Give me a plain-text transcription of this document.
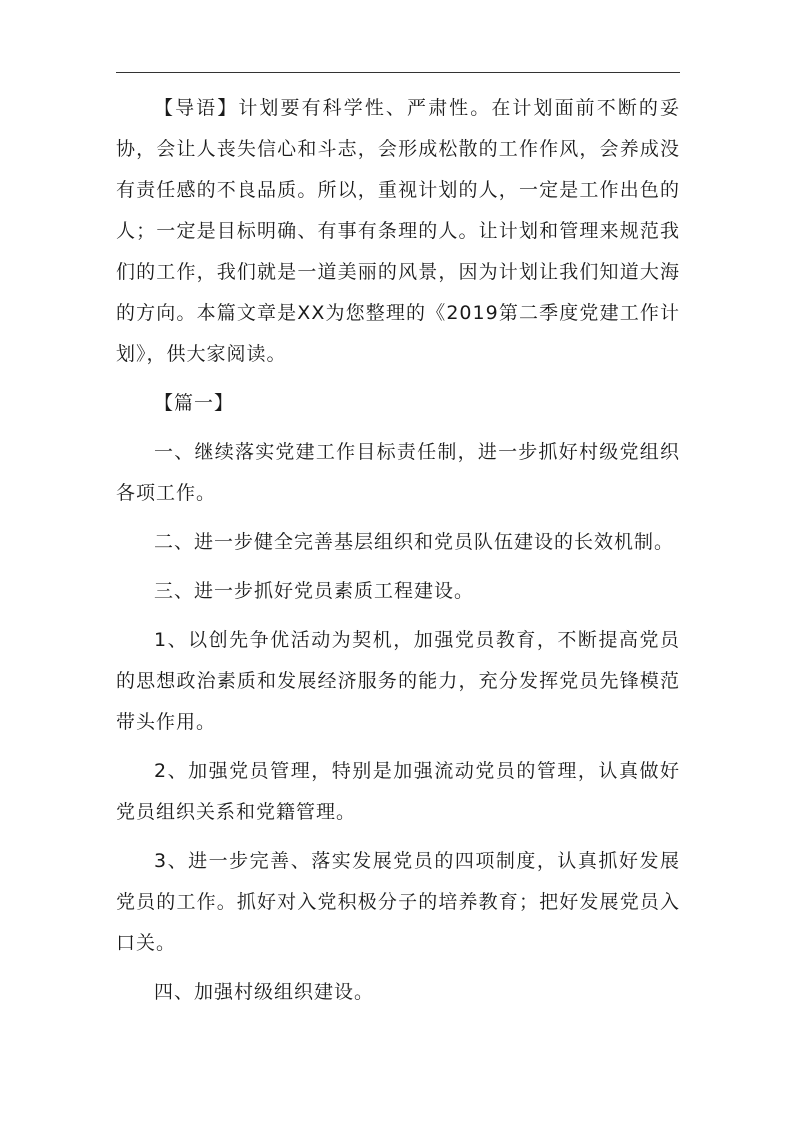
【导语】计划要有科学性、严肃性。在计划面前不断的妥协，会让人丧失信心和斗志，会形成松散的工作作风，会养成没有责任感的不良品质。所以，重视计划的人，一定是工作出色的人；一定是目标明确、有事有条理的人。让计划和管理来规范我们的工作，我们就是一道美丽的风景，因为计划让我们知道大海的方向。本篇文章是XX为您整理的《2019第二季度党建工作计划》，供大家阅读。

【篇一】

一、继续落实党建工作目标责任制，进一步抓好村级党组织各项工作。

二、进一步健全完善基层组织和党员队伍建设的长效机制。

三、进一步抓好党员素质工程建设。

1、以创先争优活动为契机，加强党员教育，不断提高党员的思想政治素质和发展经济服务的能力，充分发挥党员先锋模范带头作用。

2、加强党员管理，特别是加强流动党员的管理，认真做好党员组织关系和党籍管理。

3、进一步完善、落实发展党员的四项制度，认真抓好发展党员的工作。抓好对入党积极分子的培养教育；把好发展党员入口关。

四、加强村级组织建设。
